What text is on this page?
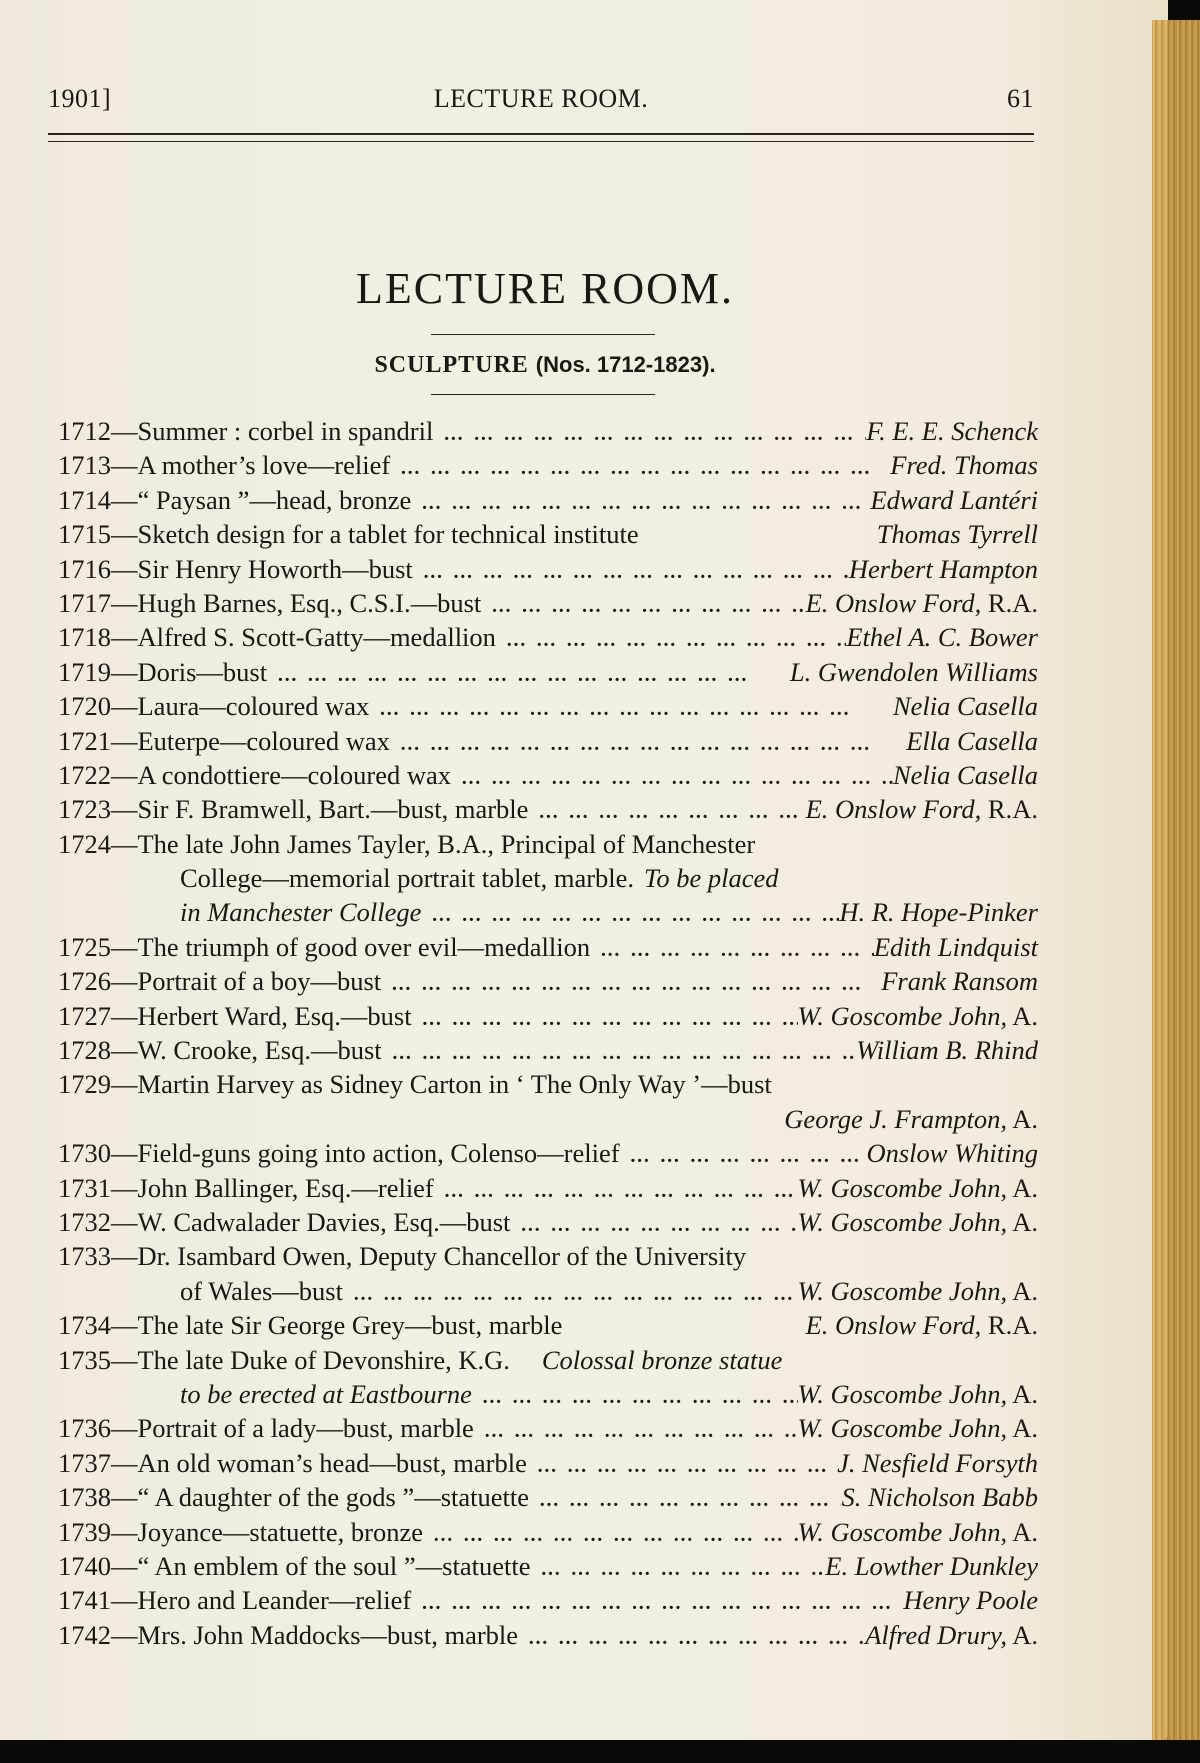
LECTURE ROOM.
1901]	61
LECTURE ROOM.
SCULPTURE (Nos. 1712-1823).
1712— Summer : corbel in spandril …………………………………………	F. E. E. Schenck
1713— A mother’s love—relief …………………………………………	Fred. Thomas
1714— “ Paysan ”—head, bronze …………………………………………	Edward Lantéri
1715— Sketch design for a tablet for technical institute	Thomas Tyrrell
1716— Sir Henry Howorth—bust …………………………………………	Herbert Hampton
1717— Hugh Barnes, Esq., C.S.I.—bust …………………………………………	E. Onslow Ford, R.A.
1718— Alfred S. Scott-Gatty—medallion …………………………………………	Ethel A. C. Bower
1719— Doris—bust …………………………………………	L. Gwendolen Williams
1720— Laura—coloured wax …………………………………………	Nelia Casella
1721— Euterpe—coloured wax …………………………………………	Ella Casella
1722— A condottiere—coloured wax …………………………………………	Nelia Casella
1723— Sir F. Bramwell, Bart.—bust, marble …………………………………………	E. Onslow Ford, R.A.
1724— The late John James Tayler, B.A., Principal of Manchester
College—memorial portrait tablet, marble. To be placed
in Manchester College …………………………………………	H. R. Hope-Pinker
1725— The triumph of good over evil—medallion …………………………………………	Edith Lindquist
1726— Portrait of a boy—bust …………………………………………	Frank Ransom
1727— Herbert Ward, Esq.—bust …………………………………………	W. Goscombe John, A.
1728— W. Crooke, Esq.—bust …………………………………………	William B. Rhind
1729— Martin Harvey as Sidney Carton in ‘ The Only Way ’—bust
George J. Frampton, A.
1730— Field-guns going into action, Colenso—relief …………………………………………	Onslow Whiting
1731— John Ballinger, Esq.—relief …………………………………………	W. Goscombe John, A.
1732— W. Cadwalader Davies, Esq.—bust …………………………………………	W. Goscombe John, A.
1733— Dr. Isambard Owen, Deputy Chancellor of the University
of Wales—bust …………………………………………	W. Goscombe John, A.
1734— The late Sir George Grey—bust, marble	E. Onslow Ford, R.A.
1735— The late Duke of Devonshire, K.G. Colossal bronze statue
to be erected at Eastbourne …………………………………………	W. Goscombe John, A.
1736— Portrait of a lady—bust, marble …………………………………………	W. Goscombe John, A.
1737— An old woman’s head—bust, marble …………………………………………	J. Nesfield Forsyth
1738— “ A daughter of the gods ”—statuette …………………………………………	S. Nicholson Babb
1739— Joyance—statuette, bronze …………………………………………	W. Goscombe John, A.
1740— “ An emblem of the soul ”—statuette …………………………………………	E. Lowther Dunkley
1741— Hero and Leander—relief …………………………………………	Henry Poole
1742— Mrs. John Maddocks—bust, marble …………………………………………	Alfred Drury, A.
